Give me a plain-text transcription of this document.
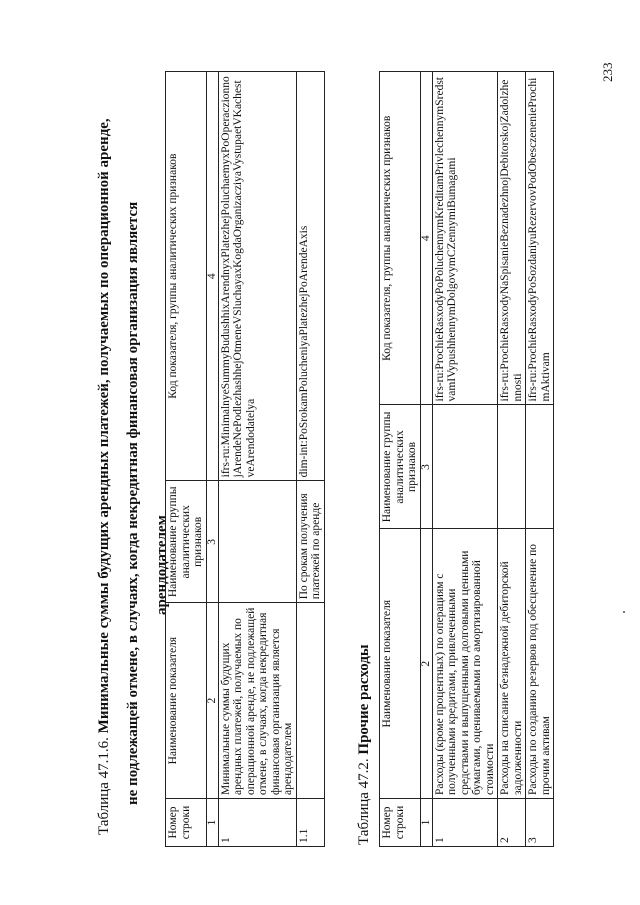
233
Таблица 47.1.6. Минимальные суммы будущих арендных платежей, получаемых по операционной аренде, не подлежащей отмене, в случаях, когда некредитная финансовая организация является арендодателем
Номер строки	Наименование показателя	Наименование группы аналитических признаков	Код показателя, группы аналитических признаков
1	2	3	4
1	Минимальные суммы будущих арендных платежей, получаемых по операционной аренде, не подлежащей отмене, в случаях, когда некредитная финансовая организация является арендодателем		ifrs-ru:MinimalnyeSummyBudushhixArendnyxPlatezhejPoluchaemyxPoOperaczionnojArendeNePodlezhashhejOtmeneVSluchayaxKogdaOrganizacziyaVystupaetVKachestveArendodatelya
1.1		По срокам получения платежей по аренде	dim-int:PoSrokamPolucheniyaPlatezhejPoArendeAxis
Таблица 47.2. Прочие расходы
Номер строки	Наименование показателя	Наименование группы аналитических признаков	Код показателя, группы аналитических признаков
1	2	3	4
1	Расходы (кроме процентных) по операциям с полученными кредитами, привлеченными средствами и выпущенными долговыми ценными бумагами, оцениваемыми по амортизированной стоимости		ifrs-ru:ProchieRasxodyPoPoluchennymKreditamPrivlechennymSredstvamIVypushhennymDolgovymCZennymiBumagami
2	Расходы на списание безнадежной дебиторской задолженности		ifrs-ru:ProchieRasxodyNaSpisanieBeznadezhnojDebitorskojZadolzhennosti
3	Расходы по созданию резервов под обесценение по прочим активам		ifrs-ru:ProchieRasxodyPoSozdaniyuRezervovPodObesczenenieProchimAktivam
